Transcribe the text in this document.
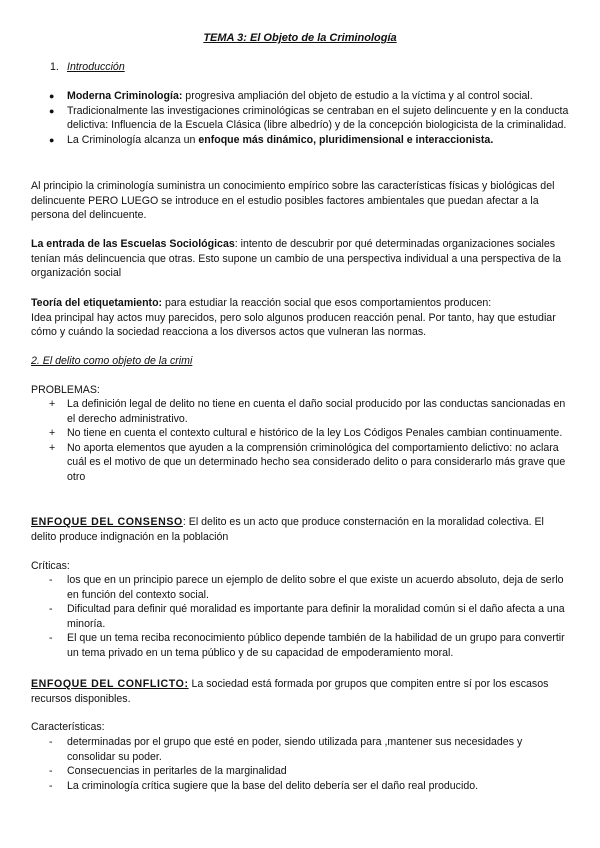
TEMA 3: El Objeto de la Criminología
1. Introducción
● Moderna Criminología: progresiva ampliación del objeto de estudio a la víctima y al control social.
● Tradicionalmente las investigaciones criminológicas se centraban en el sujeto delincuente y en la conducta delictiva: Influencia de la Escuela Clásica (libre albedrío) y de la concepción biologicista de la criminalidad.
● La Criminología alcanza un enfoque más dinámico, pluridimensional e interaccionista.

Al principio la criminología suministra un conocimiento empírico sobre las características físicas y biológicas del delincuente PERO LUEGO se introduce en el estudio posibles factores ambientales que puedan afectar a la persona del delincuente.

La entrada de las Escuelas Sociológicas: intento de descubrir por qué determinadas organizaciones sociales tenían más delincuencia que otras. Esto supone un cambio de una perspectiva individual a una perspectiva de la organización social

Teoría del etiquetamiento: para estudiar la reacción social que esos comportamientos producen:
Idea principal hay actos muy parecidos, pero solo algunos producen reacción penal. Por tanto, hay que estudiar cómo y cuándo la sociedad reacciona a los diversos actos que vulneran las normas.
2. El delito como objeto de la crimi
PROBLEMAS:
+ La definición legal de delito no tiene en cuenta el daño social producido por las conductas sancionadas en el derecho administrativo.
+ No tiene en cuenta el contexto cultural e histórico de la ley Los Códigos Penales cambian continuamente.
+ No aporta elementos que ayuden a la comprensión criminológica del comportamiento delictivo: no aclara cuál es el motivo de que un determinado hecho sea considerado delito o para considerarlo más grave que otro

ENFOQUE DEL CONSENSO: El delito es un acto que produce consternación en la moralidad colectiva. El delito produce indignación en la población

Críticas:
- los que en un principio parece un ejemplo de delito sobre el que existe un acuerdo absoluto, deja de serlo en función del contexto social.
- Dificultad para definir qué moralidad es importante para definir la moralidad común si el daño afecta a una minoría.
- El que un tema reciba reconocimiento público depende también de la habilidad de un grupo para convertir un tema privado en un tema público y de su capacidad de empoderamiento moral.

ENFOQUE DEL CONFLICTO: La sociedad está formada por grupos que compiten entre sí por los escasos recursos disponibles.

Características:
- determinadas por el grupo que esté en poder, siendo utilizada para ,mantener sus necesidades y consolidar su poder.
- Consecuencias in peritarles de la marginalidad
- La criminología crítica sugiere que la base del delito debería ser el daño real producido.
